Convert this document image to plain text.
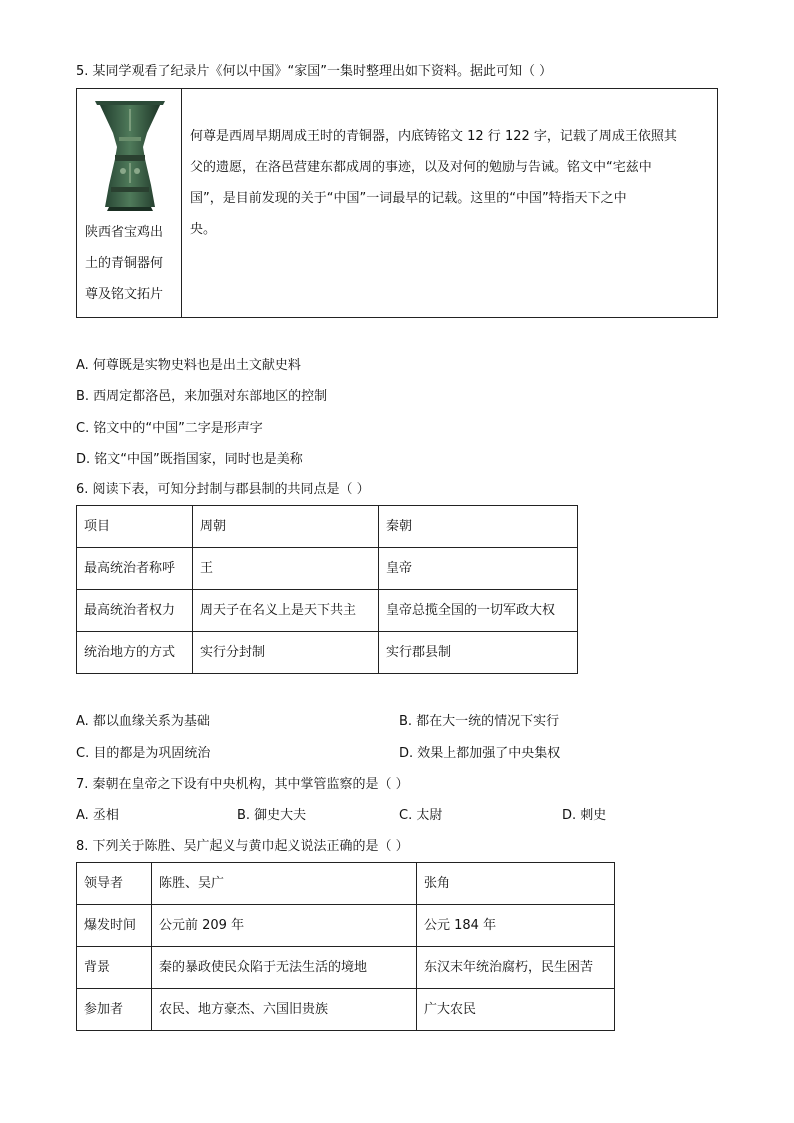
5. 某同学观看了纪录片《何以中国》“家国”一集时整理出如下资料。据此可知（ ）
陕西省宝鸡出
土的青铜器何
尊及铭文拓片

何尊是西周早期周成王时的青铜器，内底铸铭文 12 行 122 字，记载了周成王依照其
父的遗愿，在洛邑营建东都成周的事迹，以及对何的勉励与告诫。铭文中“宅兹中
国”，是目前发现的关于“中国”一词最早的记载。这里的“中国”特指天下之中
央。
A. 何尊既是实物史料也是出土文献史料
B. 西周定都洛邑，来加强对东部地区的控制
C. 铭文中的“中国”二字是形声字
D. 铭文“中国”既指国家，同时也是美称
6. 阅读下表，可知分封制与郡县制的共同点是（ ）
项目	周朝	秦朝
最高统治者称呼	王	皇帝
最高统治者权力	周天子在名义上是天下共主	皇帝总揽全国的一切军政大权
统治地方的方式	实行分封制	实行郡县制
A. 都以血缘关系为基础	B. 都在大一统的情况下实行
C. 目的都是为巩固统治	D. 效果上都加强了中央集权
7. 秦朝在皇帝之下设有中央机构，其中掌管监察的是（ ）
A. 丞相	B. 御史大夫	C. 太尉	D. 刺史
8. 下列关于陈胜、吴广起义与黄巾起义说法正确的是（ ）
领导者	陈胜、吴广	张角
爆发时间	公元前 209 年	公元 184 年
背景	秦的暴政使民众陷于无法生活的境地	东汉末年统治腐朽，民生困苦
参加者	农民、地方豪杰、六国旧贵族	广大农民
